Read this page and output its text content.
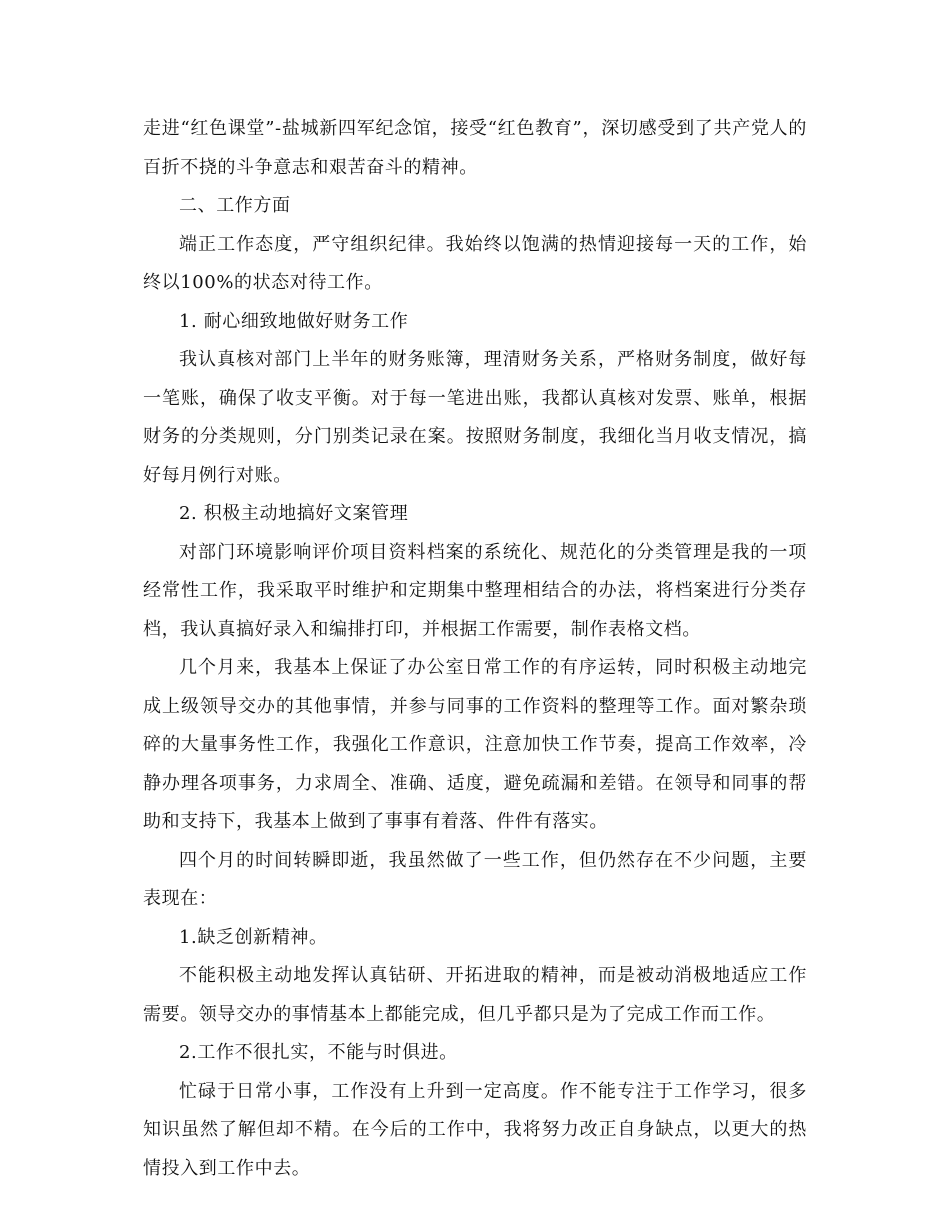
走进“红色课堂”-盐城新四军纪念馆，接受“红色教育”，深切感受到了共产党人的百折不挠的斗争意志和艰苦奋斗的精神。

二、工作方面

端正工作态度，严守组织纪律。我始终以饱满的热情迎接每一天的工作，始终以100%的状态对待工作。

1. 耐心细致地做好财务工作

我认真核对部门上半年的财务账簿，理清财务关系，严格财务制度，做好每一笔账，确保了收支平衡。对于每一笔进出账，我都认真核对发票、账单，根据财务的分类规则，分门别类记录在案。按照财务制度，我细化当月收支情况，搞好每月例行对账。

2. 积极主动地搞好文案管理

对部门环境影响评价项目资料档案的系统化、规范化的分类管理是我的一项经常性工作，我采取平时维护和定期集中整理相结合的办法，将档案进行分类存档，我认真搞好录入和编排打印，并根据工作需要，制作表格文档。

几个月来，我基本上保证了办公室日常工作的有序运转，同时积极主动地完成上级领导交办的其他事情，并参与同事的工作资料的整理等工作。面对繁杂琐碎的大量事务性工作，我强化工作意识，注意加快工作节奏，提高工作效率，冷静办理各项事务，力求周全、准确、适度，避免疏漏和差错。在领导和同事的帮助和支持下，我基本上做到了事事有着落、件件有落实。

四个月的时间转瞬即逝，我虽然做了一些工作，但仍然存在不少问题，主要表现在：

1.缺乏创新精神。

不能积极主动地发挥认真钻研、开拓进取的精神，而是被动消极地适应工作需要。领导交办的事情基本上都能完成，但几乎都只是为了完成工作而工作。

2.工作不很扎实，不能与时俱进。

忙碌于日常小事，工作没有上升到一定高度。作不能专注于工作学习，很多知识虽然了解但却不精。在今后的工作中，我将努力改正自身缺点，以更大的热情投入到工作中去。
